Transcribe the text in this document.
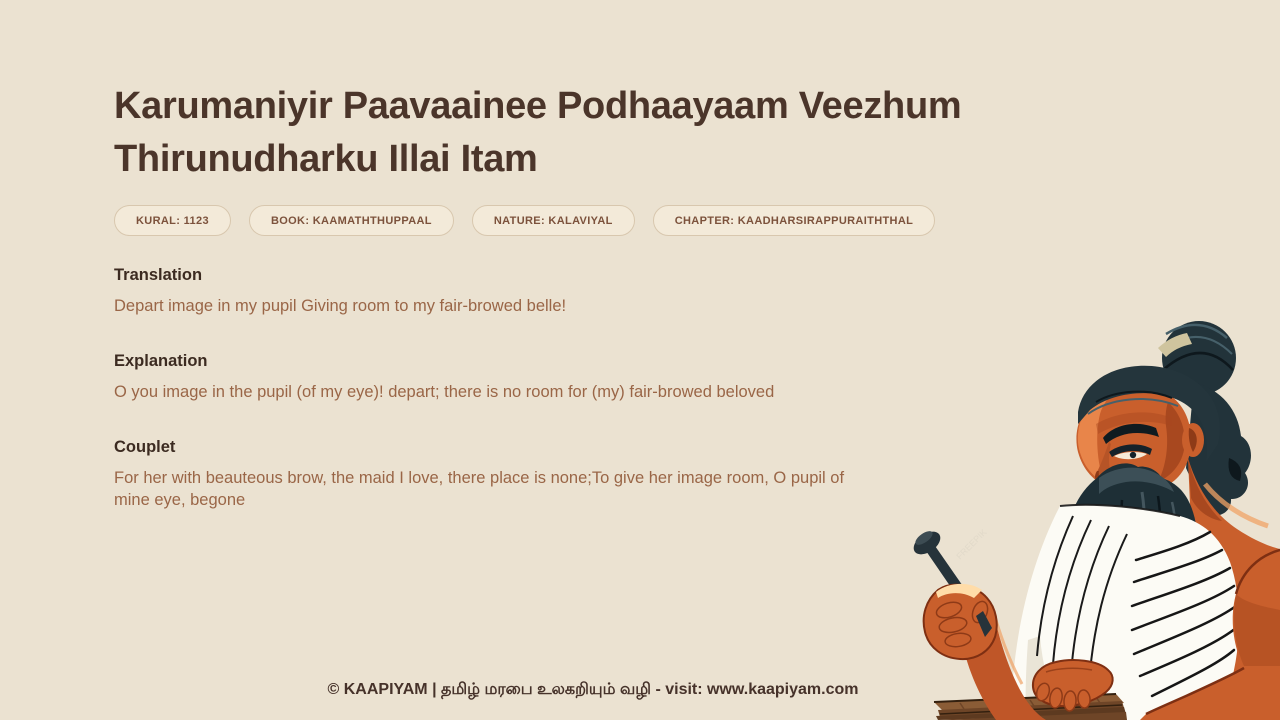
Karumaniyir Paavaainee Podhaayaam Veezhum Thirunudharku Illai Itam
KURAL: 1123	BOOK: KAAMATHTHUPPAAL	NATURE: KALAVIYAL	CHAPTER: KAADHARSIRAPPURAITHTHAL
Translation

Depart image in my pupil Giving room to my fair-browed belle!

Explanation

O you image in the pupil (of my eye)! depart; there is no room for (my) fair-browed beloved

Couplet

For her with beauteous brow, the maid I love, there place is none;To give her image room, O pupil of mine eye, begone

© KAAPIYAM | தமிழ் மரபை உலகறியும் வழி - visit: www.kaapiyam.com
FREEPIK
